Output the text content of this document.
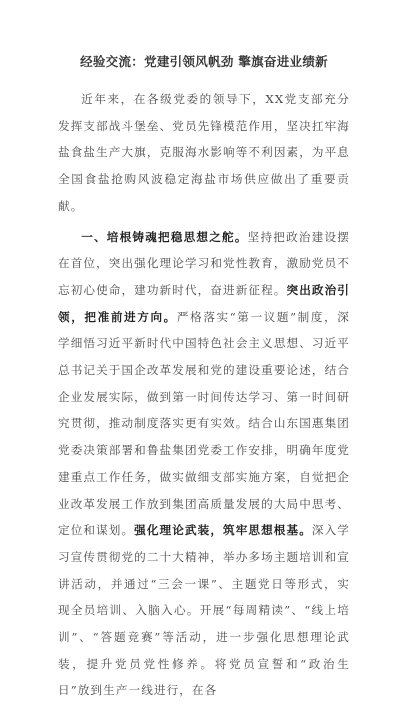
经验交流：党建引领风帆劲 擎旗奋进业绩新

近年来，在各级党委的领导下，XX党支部充分发挥支部战斗堡垒、党员先锋模范作用，坚决扛牢海盐食盐生产大旗，克服海水影响等不利因素，为平息全国食盐抢购风波稳定海盐市场供应做出了重要贡献。

一、培根铸魂把稳思想之舵。坚持把政治建设摆在首位，突出强化理论学习和党性教育，激励党员不忘初心使命，建功新时代，奋进新征程。突出政治引领，把准前进方向。严格落实“第一议题”制度，深学细悟习近平新时代中国特色社会主义思想、习近平总书记关于国企改革发展和党的建设重要论述，结合企业发展实际，做到第一时间传达学习、第一时间研究贯彻，推动制度落实更有实效。结合山东国惠集团党委决策部署和鲁盐集团党委工作安排，明确年度党建重点工作任务，做实做细支部实施方案，自觉把企业改革发展工作放到集团高质量发展的大局中思考、定位和谋划。强化理论武装，筑牢思想根基。深入学习宣传贯彻党的二十大精神，举办多场主题培训和宣讲活动，并通过“三会一课”、主题党日等形式，实现全员培训、入脑入心。开展“每周精读”、“线上培训”、“答题竞赛”等活动，进一步强化思想理论武装，提升党员党性修养。将党员宣誓和“政治生日”放到生产一线进行，在各
